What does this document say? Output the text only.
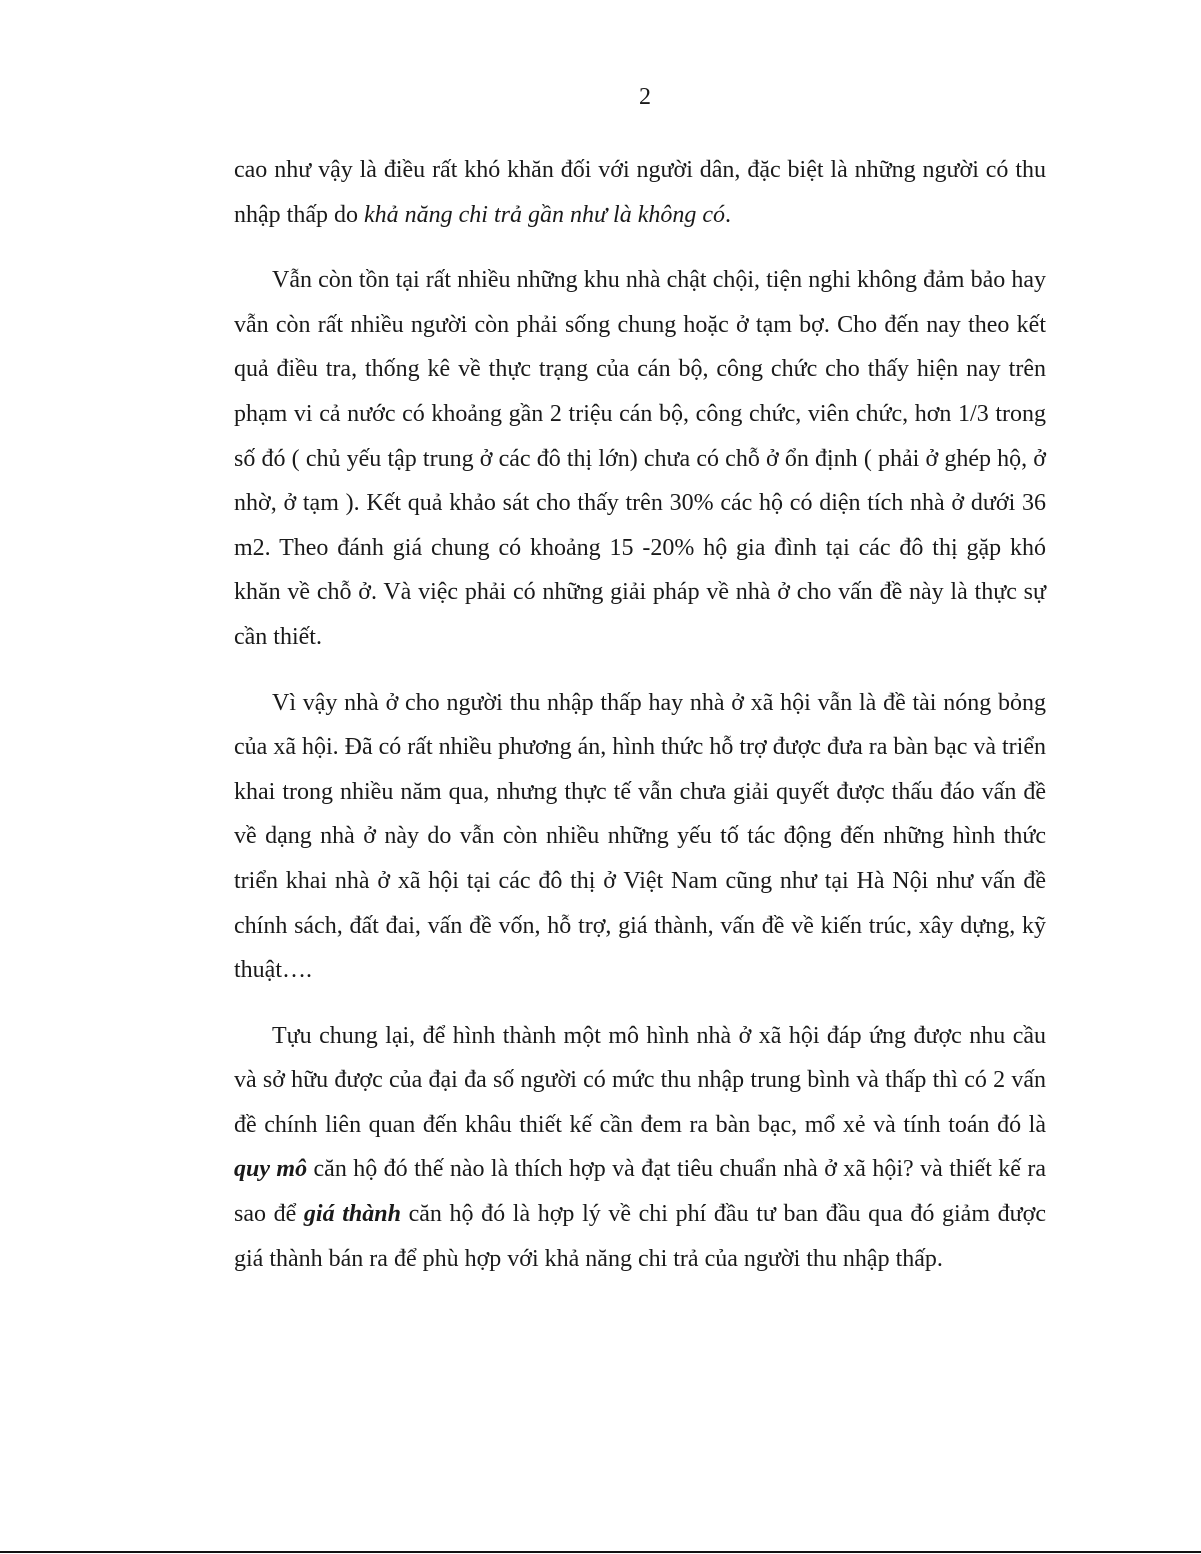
2

cao như vậy là điều rất khó khăn đối với người dân, đặc biệt là những người có thu nhập thấp do khả năng chi trả gần như là không có.

Vẫn còn tồn tại rất nhiều những khu nhà chật chội, tiện nghi không đảm bảo hay vẫn còn rất nhiều người còn phải sống chung hoặc ở tạm bợ. Cho đến nay theo kết quả điều tra, thống kê về thực trạng của cán bộ, công chức cho thấy hiện nay trên phạm vi cả nước có khoảng gần 2 triệu cán bộ, công chức, viên chức, hơn 1/3 trong số đó ( chủ yếu tập trung ở các đô thị lớn) chưa có chỗ ở ổn định ( phải ở ghép hộ, ở nhờ, ở tạm ). Kết quả khảo sát cho thấy trên 30% các hộ có diện tích nhà ở dưới 36 m2. Theo đánh giá chung có khoảng 15 -20% hộ gia đình tại các đô thị gặp khó khăn về chỗ ở. Và việc phải có những giải pháp về nhà ở cho vấn đề này là thực sự cần thiết.

Vì vậy nhà ở cho người thu nhập thấp hay nhà ở xã hội vẫn là đề tài nóng bỏng của xã hội. Đã có rất nhiều phương án, hình thức hỗ trợ được đưa ra bàn bạc và triển khai trong nhiều năm qua, nhưng thực tế vẫn chưa giải quyết được thấu đáo vấn đề về dạng nhà ở này do vẫn còn nhiều những yếu tố tác động đến những hình thức triển khai nhà ở xã hội tại các đô thị ở Việt Nam cũng như tại Hà Nội như vấn đề chính sách, đất đai, vấn đề vốn, hỗ trợ, giá thành, vấn đề về kiến trúc, xây dựng, kỹ thuật….

Tựu chung lại, để hình thành một mô hình nhà ở xã hội đáp ứng được nhu cầu và sở hữu được của đại đa số người có mức thu nhập trung bình và thấp thì có 2 vấn đề chính liên quan đến khâu thiết kế cần đem ra bàn bạc, mổ xẻ và tính toán đó là quy mô căn hộ đó thế nào là thích hợp và đạt tiêu chuẩn nhà ở xã hội? và thiết kế ra sao để giá thành căn hộ đó là hợp lý về chi phí đầu tư ban đầu qua đó giảm được giá thành bán ra để phù hợp với khả năng chi trả của người thu nhập thấp.
